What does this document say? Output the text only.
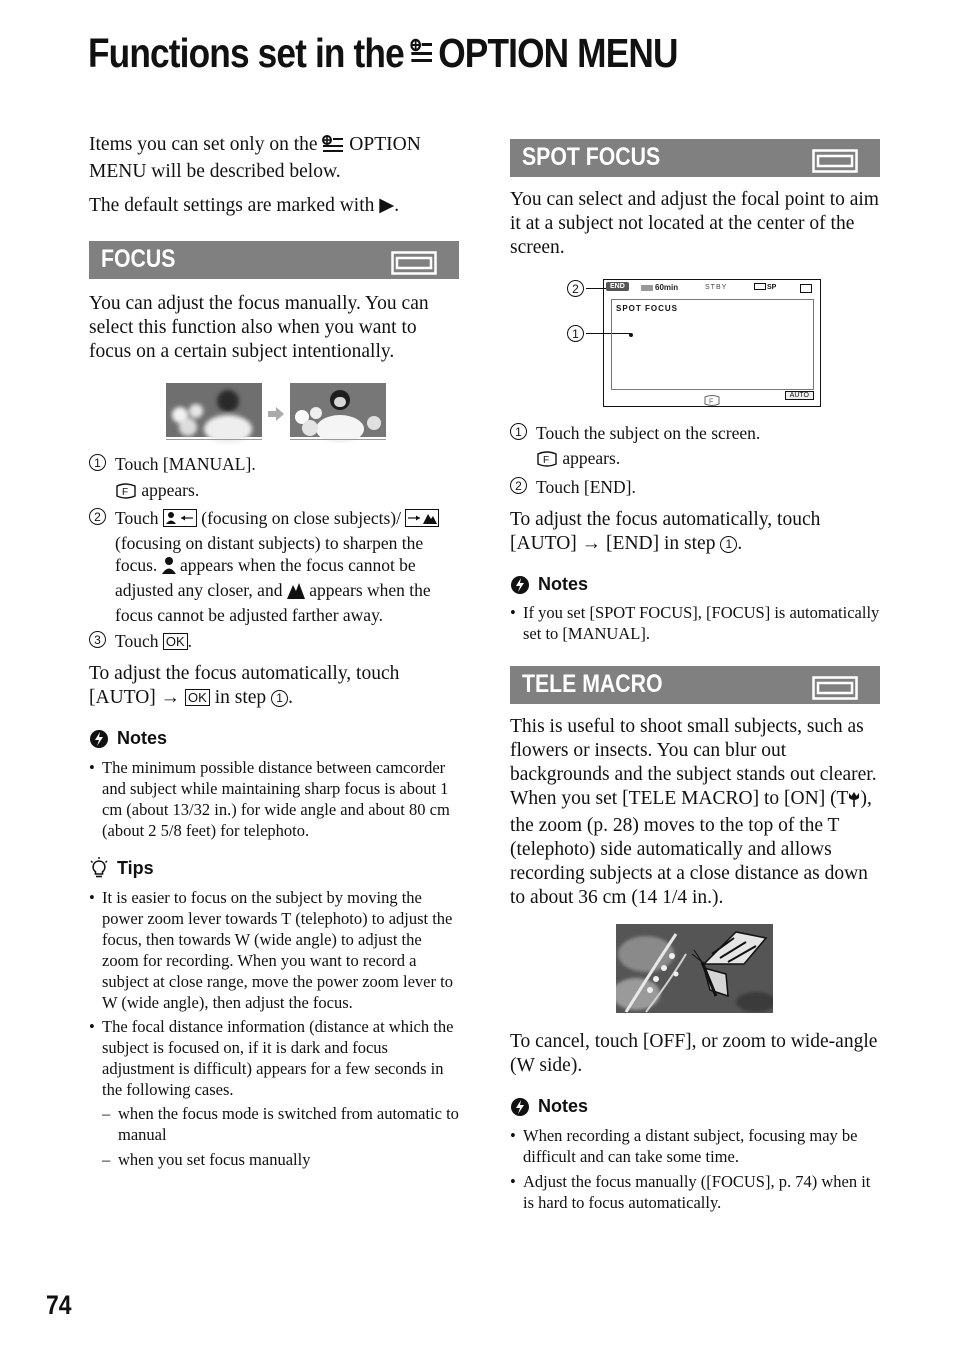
Functions set in the OPTION MENU

Items you can set only on the OPTION MENU will be described below.

The default settings are marked with ▶.

FOCUS

You can adjust the focus manually. You can select this function also when you want to focus on a certain subject intentionally.

1 Touch [MANUAL].
F appears.
2 Touch (focusing on close subjects)/  (focusing on distant subjects) to sharpen the focus. appears when the focus cannot be adjusted any closer, and appears when the focus cannot be adjusted farther away.
3 Touch OK .

To adjust the focus automatically, touch [AUTO] → OK in step 1 .

Notes
• The minimum possible distance between camcorder and subject while maintaining sharp focus is about 1 cm (about 13/32 in.) for wide angle and about 80 cm (about 2 5/8 feet) for telephoto.
Tips
• It is easier to focus on the subject by moving the power zoom lever towards T (telephoto) to adjust the focus, then towards W (wide angle) to adjust the zoom for recording. When you want to record a subject at close range, move the power zoom lever to W (wide angle), then adjust the focus.
• The focal distance information (distance at which the subject is focused on, if it is dark and focus adjustment is difficult) appears for a few seconds in the following cases.
– when the focus mode is switched from automatic to manual
– when you set focus manually
SPOT FOCUS

You can select and adjust the focal point to aim it at a subject not located at the center of the screen.

2
1
END	60min	STBY	SP
SPOT FOCUS
F
AUTO
1 Touch the subject on the screen.
F appears.
2 Touch [END].

To adjust the focus automatically, touch [AUTO] → [END] in step 1 .

Notes
• If you set [SPOT FOCUS], [FOCUS] is automatically set to [MANUAL].
TELE MACRO

This is useful to shoot small subjects, such as flowers or insects. You can blur out backgrounds and the subject stands out clearer.

When you set [TELE MACRO] to [ON] (T ), the zoom (p. 28) moves to the top of the T (telephoto) side automatically and allows recording subjects at a close distance as down to about 36 cm (14 1/4 in.).

To cancel, touch [OFF], or zoom to wide-angle (W side).

Notes
• When recording a distant subject, focusing may be difficult and can take some time.
• Adjust the focus manually ([FOCUS], p. 74) when it is hard to focus automatically.
74
